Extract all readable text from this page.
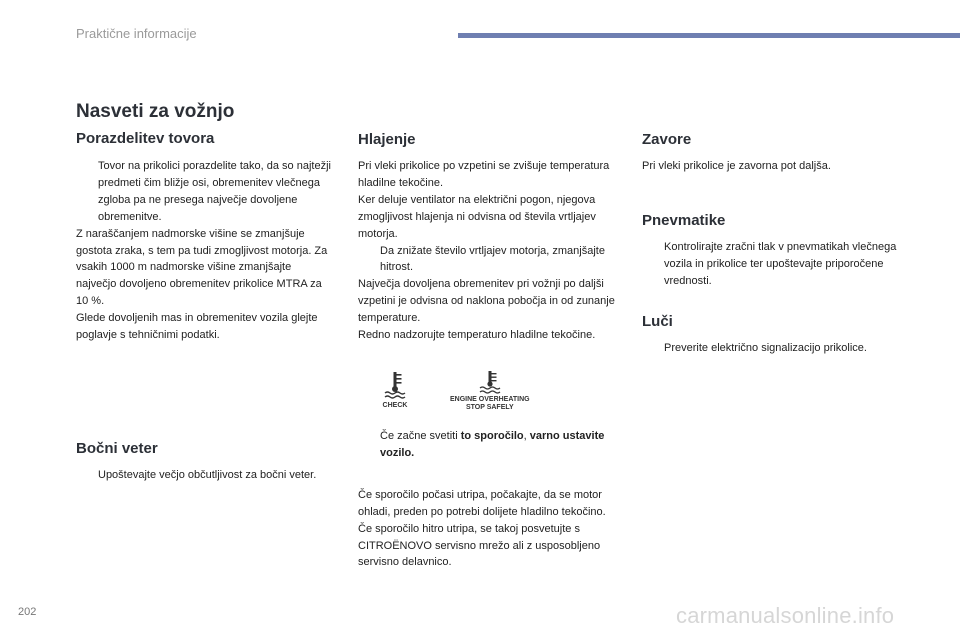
Praktične informacije
Nasveti za vožnjo
Porazdelitev tovora
Tovor na prikolici porazdelite tako, da so najtežji predmeti čim bližje osi, obremenitev vlečnega zgloba pa ne presega največje dovoljene obremenitve.

Z naraščanjem nadmorske višine se zmanjšuje gostota zraka, s tem pa tudi zmogljivost motorja. Za vsakih 1000 m nadmorske višine zmanjšajte največjo dovoljeno obremenitev prikolice MTRA za 10 %.

Glede dovoljenih mas in obremenitev vozila glejte poglavje s tehničnimi podatki.

Bočni veter
Upoštevajte večjo občutljivost za bočni veter.
Hlajenje

Pri vleki prikolice po vzpetini se zvišuje temperatura hladilne tekočine.

Ker deluje ventilator na električni pogon, njegova zmogljivost hlajenja ni odvisna od števila vrtljajev motorja.

Da znižate število vrtljajev motorja, zmanjšajte hitrost.

Največja dovoljena obremenitev pri vožnji po daljši vzpetini je odvisna od naklona pobočja in od zunanje temperature.

Redno nadzorujte temperaturo hladilne tekočine.

CHECK
ENGINE OVERHEATING
STOP SAFELY
Če začne svetiti to sporočilo, varno ustavite vozilo.

Če sporočilo počasi utripa, počakajte, da se motor ohladi, preden po potrebi dolijete hladilno tekočino.

Če sporočilo hitro utripa, se takoj posvetujte s CITROËNOVO servisno mrežo ali z usposobljeno servisno delavnico.

Zavore

Pri vleki prikolice je zavorna pot daljša.

Pnevmatike
Kontrolirajte zračni tlak v pnevmatikah vlečnega vozila in prikolice ter upoštevajte priporočene vrednosti.
Luči
Preverite električno signalizacijo prikolice.
202	carmanualsonline.info
